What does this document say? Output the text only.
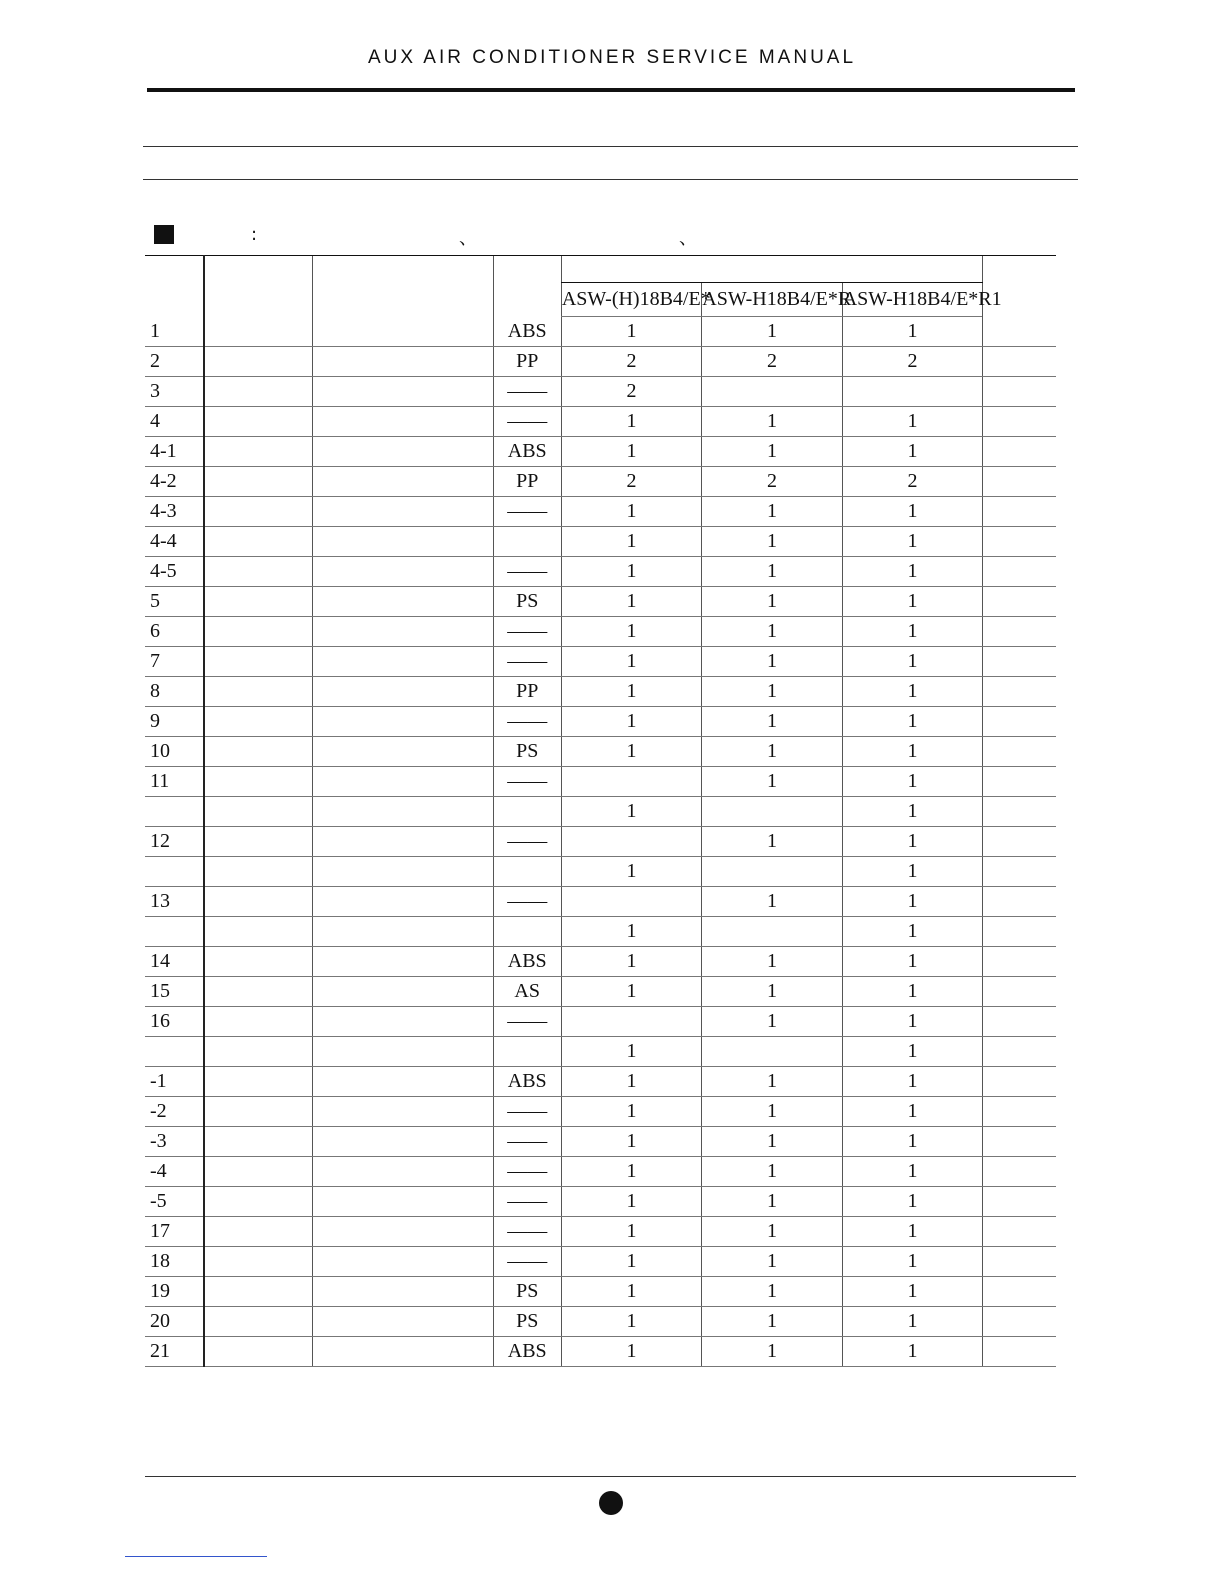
AUX AIR CONDITIONER SERVICE MANUAL
:	、	、

				ASW-(H)18B4/E*	ASW-H18B4/E*R	ASW-H18B4/E*R1	
1			ABS	1	1	1	
2			PP	2	2	2	
3			——	2			
4			——	1	1	1	
4-1			ABS	1	1	1	
4-2			PP	2	2	2	
4-3			——	1	1	1	
4-4				1	1	1	
4-5			——	1	1	1	
5			PS	1	1	1	
6			——	1	1	1	
7			——	1	1	1	
8			PP	1	1	1	
9			——	1	1	1	
10			PS	1	1	1	
11			——		1	1	
				1		1	
12			——		1	1	
				1		1	
13			——		1	1	
				1		1	
14			ABS	1	1	1	
15			AS	1	1	1	
16			——		1	1	
				1		1	
-1			ABS	1	1	1	
-2			——	1	1	1	
-3			——	1	1	1	
-4			——	1	1	1	
-5			——	1	1	1	
17			——	1	1	1	
18			——	1	1	1	
19			PS	1	1	1	
20			PS	1	1	1	
21			ABS	1	1	1	
